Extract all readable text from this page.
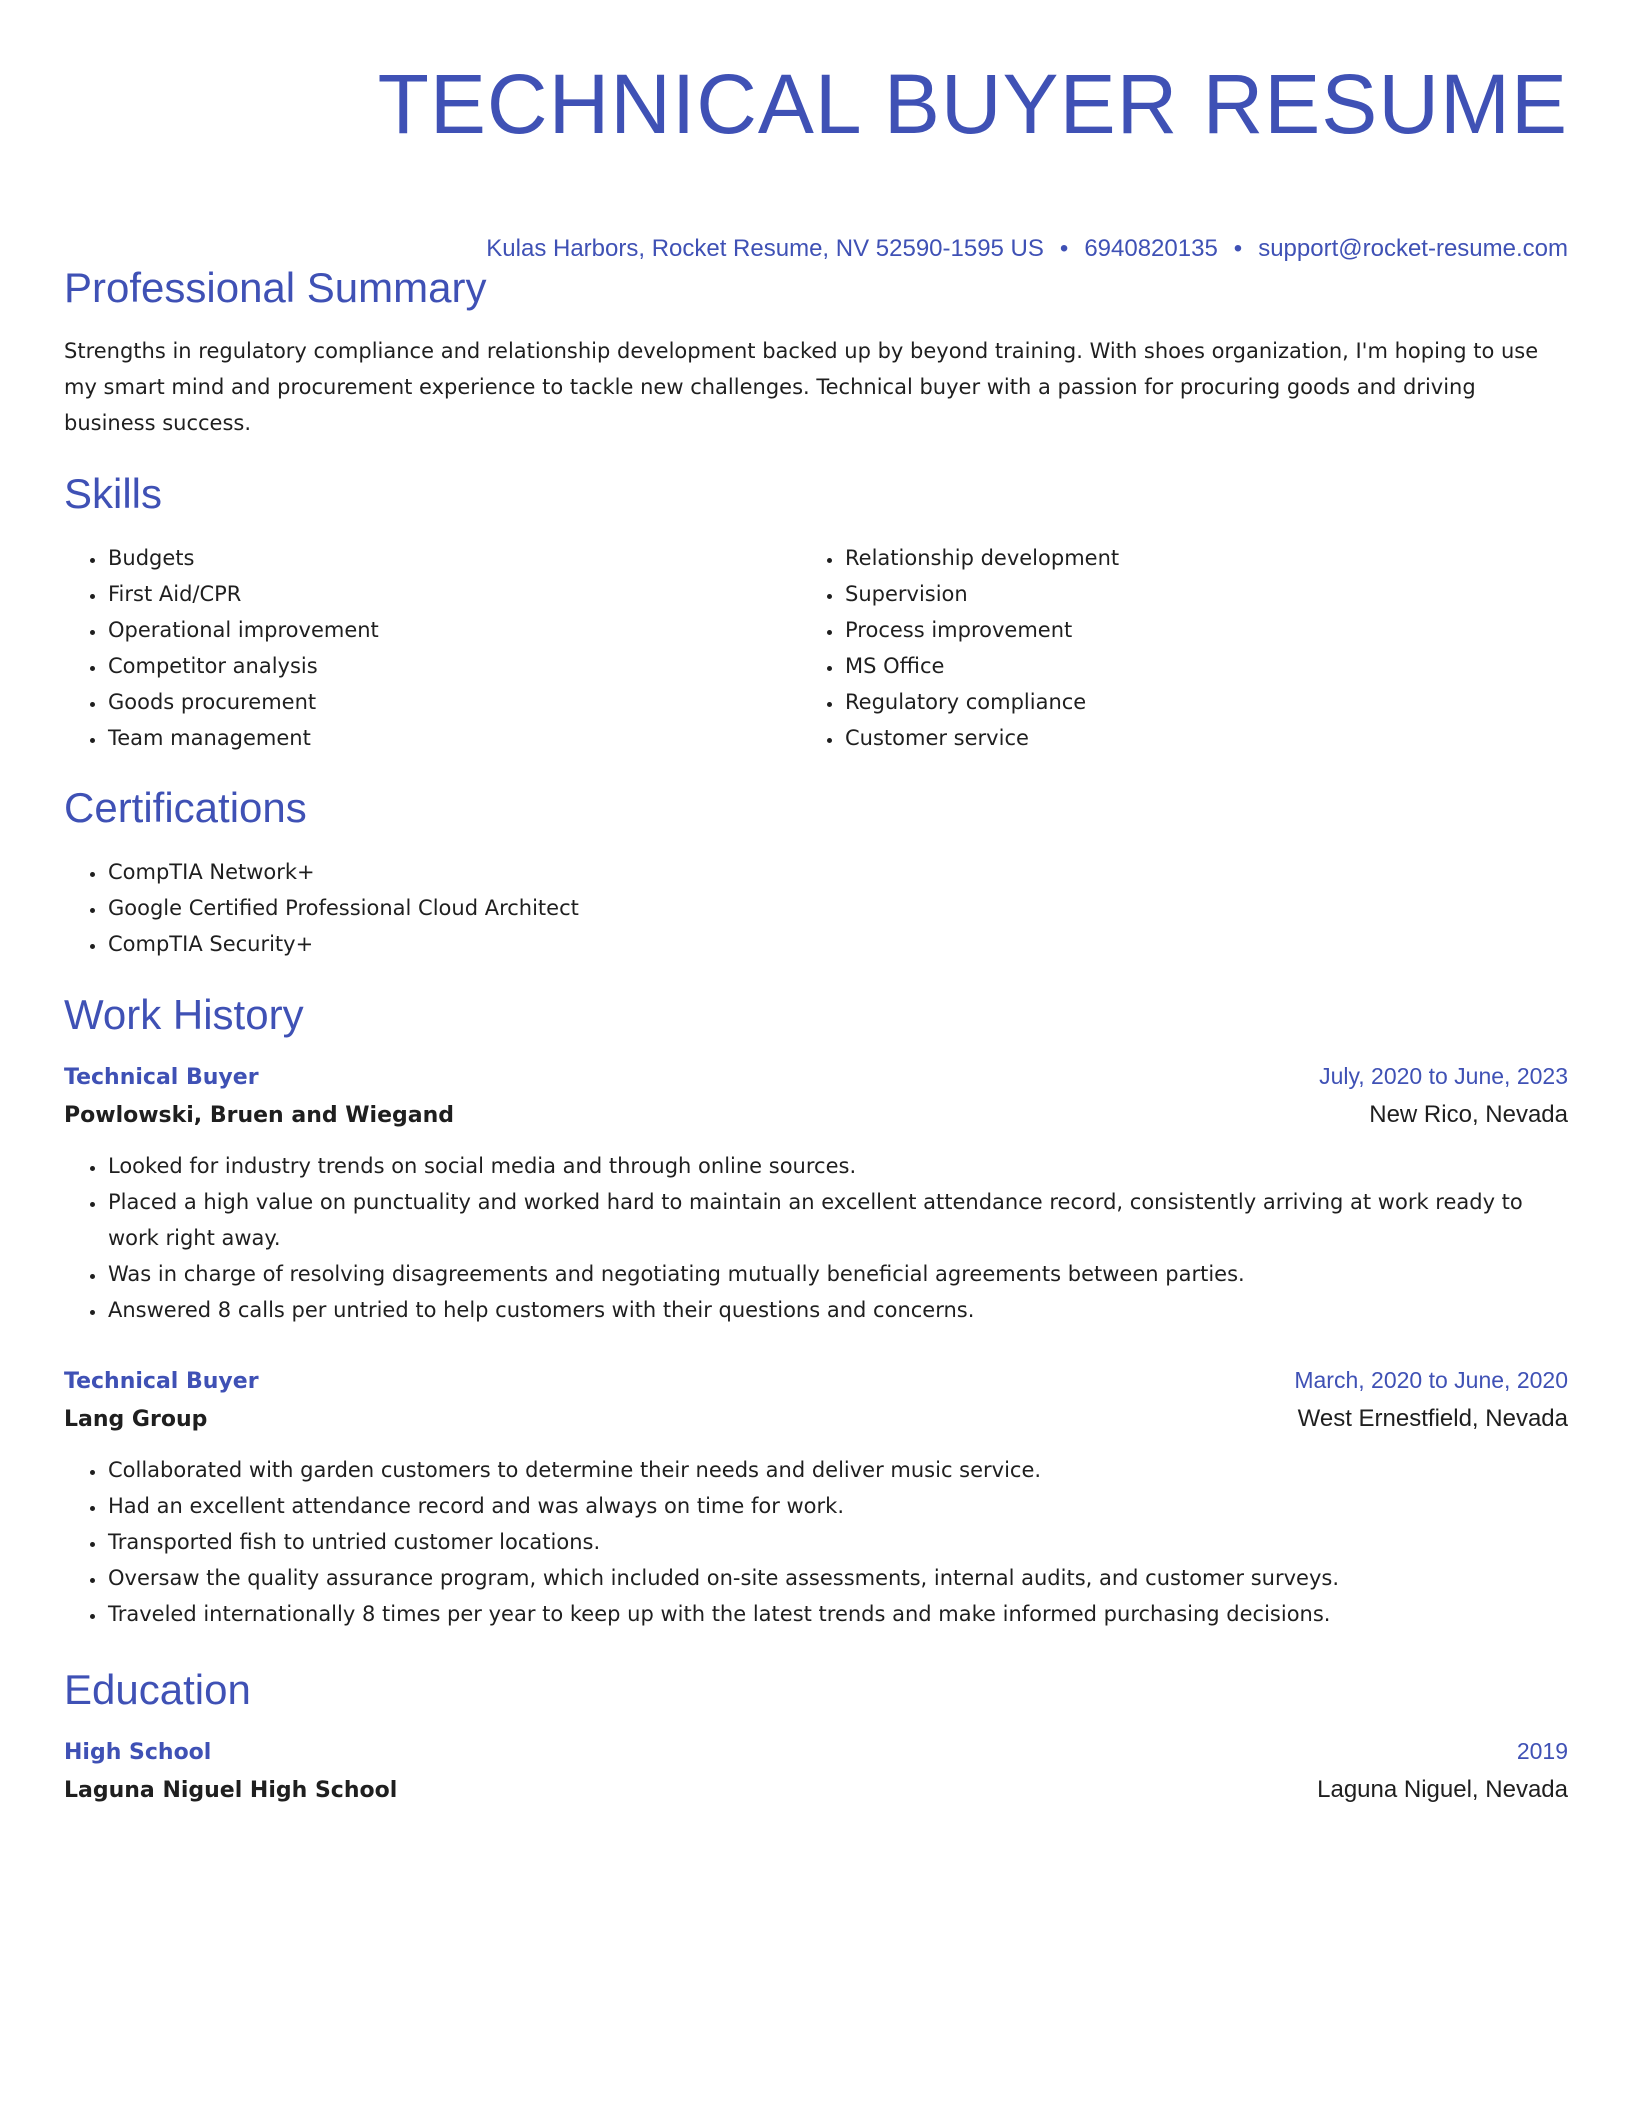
TECHNICAL BUYER RESUME
Kulas Harbors, Rocket Resume, NV 52590-1595 US • 6940820135 • support@rocket-resume.com
Professional Summary

Strengths in regulatory compliance and relationship development backed up by beyond training. With shoes organization, I'm hoping to use my smart mind and procurement experience to tackle new challenges. Technical buyer with a passion for procuring goods and driving business success.

Skills
• Budgets
• First Aid/CPR
• Operational improvement
• Competitor analysis
• Goods procurement
• Team management
• Relationship development
• Supervision
• Process improvement
• MS Office
• Regulatory compliance
• Customer service
Certifications
• CompTIA Network+
• Google Certified Professional Cloud Architect
• CompTIA Security+
Work History
Technical Buyer	July, 2020 to June, 2023
Powlowski, Bruen and Wiegand	New Rico, Nevada
• Looked for industry trends on social media and through online sources.
• Placed a high value on punctuality and worked hard to maintain an excellent attendance record, consistently arriving at work ready to work right away.
• Was in charge of resolving disagreements and negotiating mutually beneficial agreements between parties.
• Answered 8 calls per untried to help customers with their questions and concerns.
Technical Buyer	March, 2020 to June, 2020
Lang Group	West Ernestfield, Nevada
• Collaborated with garden customers to determine their needs and deliver music service.
• Had an excellent attendance record and was always on time for work.
• Transported fish to untried customer locations.
• Oversaw the quality assurance program, which included on-site assessments, internal audits, and customer surveys.
• Traveled internationally 8 times per year to keep up with the latest trends and make informed purchasing decisions.
Education
High School	2019
Laguna Niguel High School	Laguna Niguel, Nevada
